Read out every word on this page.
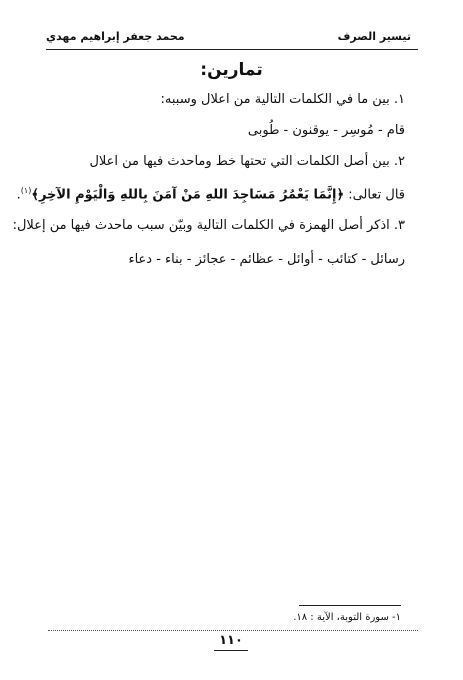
تيسير الصرف
محمد جعفر إبراهيم مهدي
تمارين:
١. بين ما في الكلمات التالية من اعلال وسببه:
قام - مُوسِر - يوقنون - طُوبى
٢. بين أصل الكلمات التي تحتها خط وماحدث فيها من اعلال
قال تعالى: ﴿إِنَّمَا يَعْمُرُ مَسَاجِدَ اللهِ مَنْ آمَنَ بِاللهِ وَالْيَوْمِ الآخِرِ﴾$^{(١)}$.
٣. اذكر أصل الهمزة في الكلمات التالية وبيّن سبب ماحدث فيها من إعلال:
رسائل - كتائب - أوائل - عظائم - عجائز - بناء - دعاء
١- سورة التوبة، الآية : ١٨.
١١٠
